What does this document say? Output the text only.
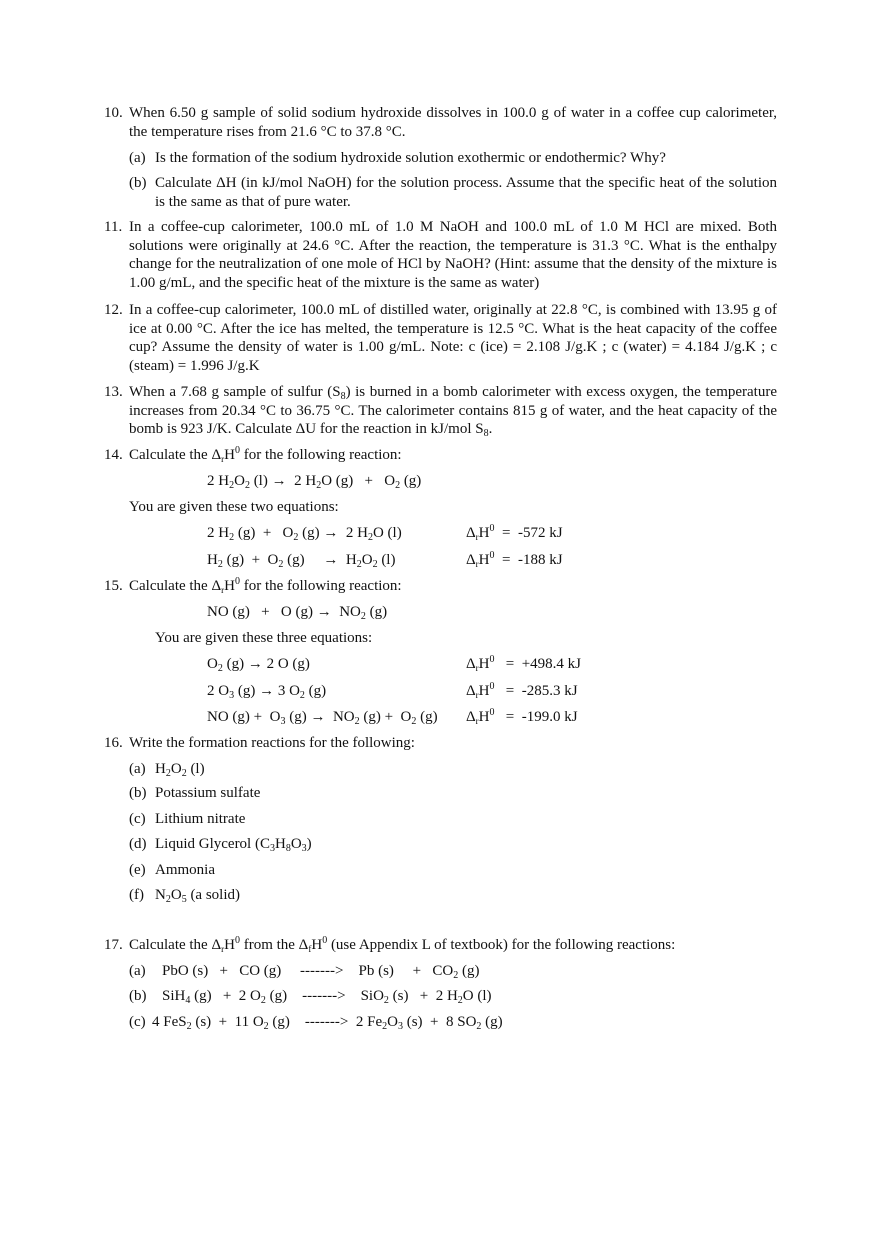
10. When 6.50 g sample of solid sodium hydroxide dissolves in 100.0 g of water in a coffee cup calorimeter, the temperature rises from 21.6 °C to 37.8 °C.
(a) Is the formation of the sodium hydroxide solution exothermic or endothermic? Why?
(b) Calculate ΔH (in kJ/mol NaOH) for the solution process. Assume that the specific heat of the solution is the same as that of pure water.
11. In a coffee-cup calorimeter, 100.0 mL of 1.0 M NaOH and 100.0 mL of 1.0 M HCl are mixed. Both solutions were originally at 24.6 °C. After the reaction, the temperature is 31.3 °C. What is the enthalpy change for the neutralization of one mole of HCl by NaOH? (Hint: assume that the density of the mixture is 1.00 g/mL, and the specific heat of the mixture is the same as water)
12. In a coffee-cup calorimeter, 100.0 mL of distilled water, originally at 22.8 °C, is combined with 13.95 g of ice at 0.00 °C. After the ice has melted, the temperature is 12.5 °C. What is the heat capacity of the coffee cup? Assume the density of water is 1.00 g/mL. Note: c (ice) = 2.108 J/g.K ; c (water) = 4.184 J/g.K ; c (steam) = 1.996 J/g.K
13. When a 7.68 g sample of sulfur $(S_8)$ is burned in a bomb calorimeter with excess oxygen, the temperature increases from 20.34 °C to 36.75 °C. The calorimeter contains 815 g of water, and the heat capacity of the bomb is 923 J/K. Calculate ΔU for the reaction in kJ/mol $S_8$.
14. Calculate the $\Delta_rH^0$ for the following reaction:
2 $H_2O_2$ (l) →  2 $H_2O$ $(g) + O_2$ (g)
You are given these two equations:
2 $H_2$ $(g) + O_2$ (g) →  2 $H_2O$ (l)	$\Delta_rH^0 = -572$ kJ
$H_2$ $(g) + O_2$ (g)     →  $H_2O_2$ (l)	$\Delta_rH^0 = -188$ kJ
15. Calculate the $\Delta_rH^0$ for the following reaction:
NO (g)   +   O $(g) \to NO_2$ (g)
You are given these three equations:
$O_2$ (g) → 2 O (g)	$\Delta_rH^0 = +498.4$ kJ
2 $O_3$ (g) → 3 $O_2$ (g)	$\Delta_rH^0 = -285.3$ kJ
NO $(g) + O_3$ $(g) \to NO_2$ $(g) + O_2$ (g) $\Delta_rH^0 = -199.0$ kJ
16. Write the formation reactions for the following:
(a) $H_2O_2$ (l)
(b) Potassium sulfate
(c) Lithium nitrate
(d) Liquid Glycerol $(C_3H_8O_3)$
(e) Ammonia
(f) $N_2O_5$ (a solid)
17. Calculate the $\Delta_rH^0$ from the $\Delta_fH^0$ (use Appendix L of textbook) for the following reactions:
(a) PbO (s)   +   CO (g)     ------->    Pb (s)     +   $CO_2$ (g)
(b) SiH$_4$ (g)   +  2 $O_2$ (g)    ------->    SiO$_2$ (s)   +  2 $H_2O$ (l)
(c) 4 FeS$_2$ (s)  +  11 $O_2$ (g)    ------->  2 $Fe_2O_3$ (s)  +  8 $SO_2$ (g)
